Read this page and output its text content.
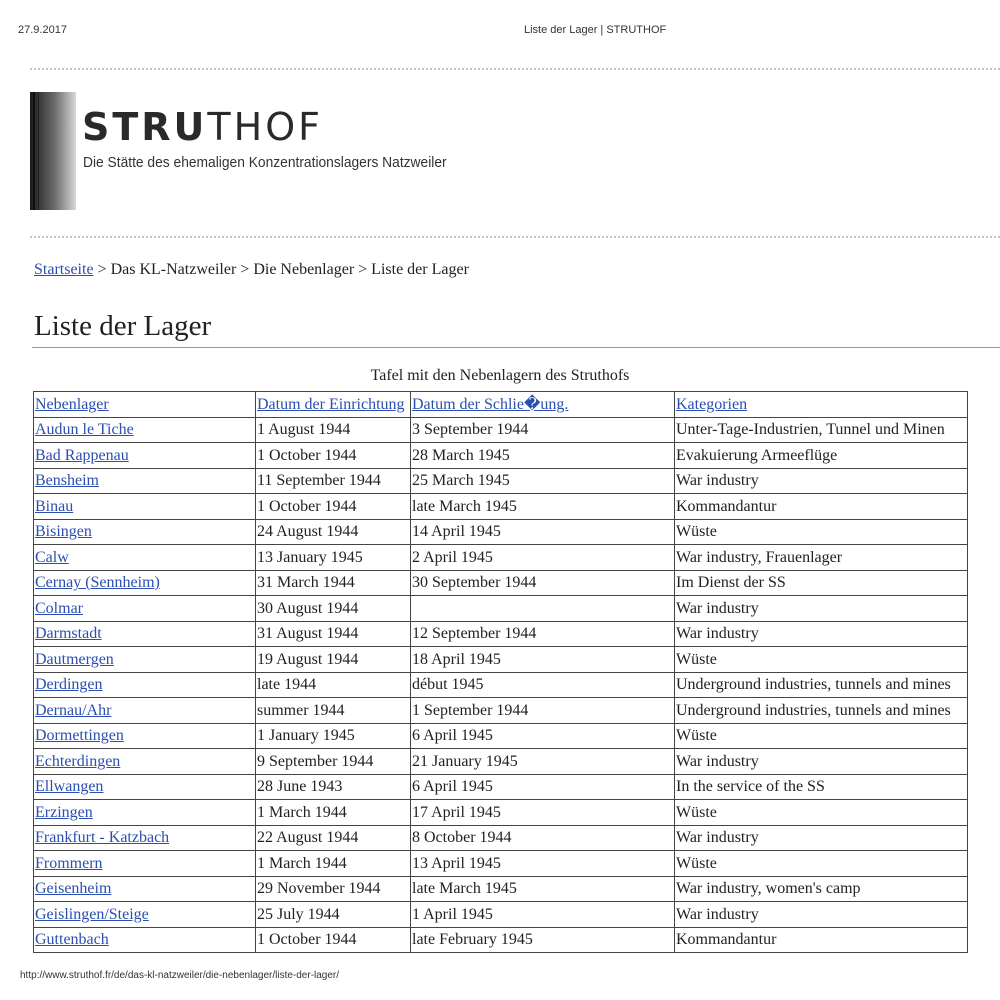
27.9.2017	Liste der Lager | STRUTHOF
STRUTHOF
Die Stätte des ehemaligen Konzentrationslagers Natzweiler
Startseite > Das KL-Natzweiler > Die Nebenlager > Liste der Lager
Liste der Lager
Tafel mit den Nebenlagern des Struthofs
Nebenlager	Datum der Einrichtung	Datum der Schlie�ung.	Kategorien
Audun le Tiche	1 August 1944	3 September 1944	Unter-Tage-Industrien, Tunnel und Minen
Bad Rappenau	1 October 1944	28 March 1945	Evakuierung Armeeflüge
Bensheim	11 September 1944	25 March 1945	War industry
Binau	1 October 1944	late March 1945	Kommandantur
Bisingen	24 August 1944	14 April 1945	Wüste
Calw	13 January 1945	2 April 1945	War industry, Frauenlager
Cernay (Sennheim)	31 March 1944	30 September 1944	Im Dienst der SS
Colmar	30 August 1944		War industry
Darmstadt	31 August 1944	12 September 1944	War industry
Dautmergen	19 August 1944	18 April 1945	Wüste
Derdingen	late 1944	début 1945	Underground industries, tunnels and mines
Dernau/Ahr	summer 1944	1 September 1944	Underground industries, tunnels and mines
Dormettingen	1 January 1945	6 April 1945	Wüste
Echterdingen	9 September 1944	21 January 1945	War industry
Ellwangen	28 June 1943	6 April 1945	In the service of the SS
Erzingen	1 March 1944	17 April 1945	Wüste
Frankfurt - Katzbach	22 August 1944	8 October 1944	War industry
Frommern	1 March 1944	13 April 1945	Wüste
Geisenheim	29 November 1944	late March 1945	War industry, women's camp
Geislingen/Steige	25 July 1944	1 April 1945	War industry
Guttenbach	1 October 1944	late February 1945	Kommandantur
http://www.struthof.fr/de/das-kl-natzweiler/die-nebenlager/liste-der-lager/
